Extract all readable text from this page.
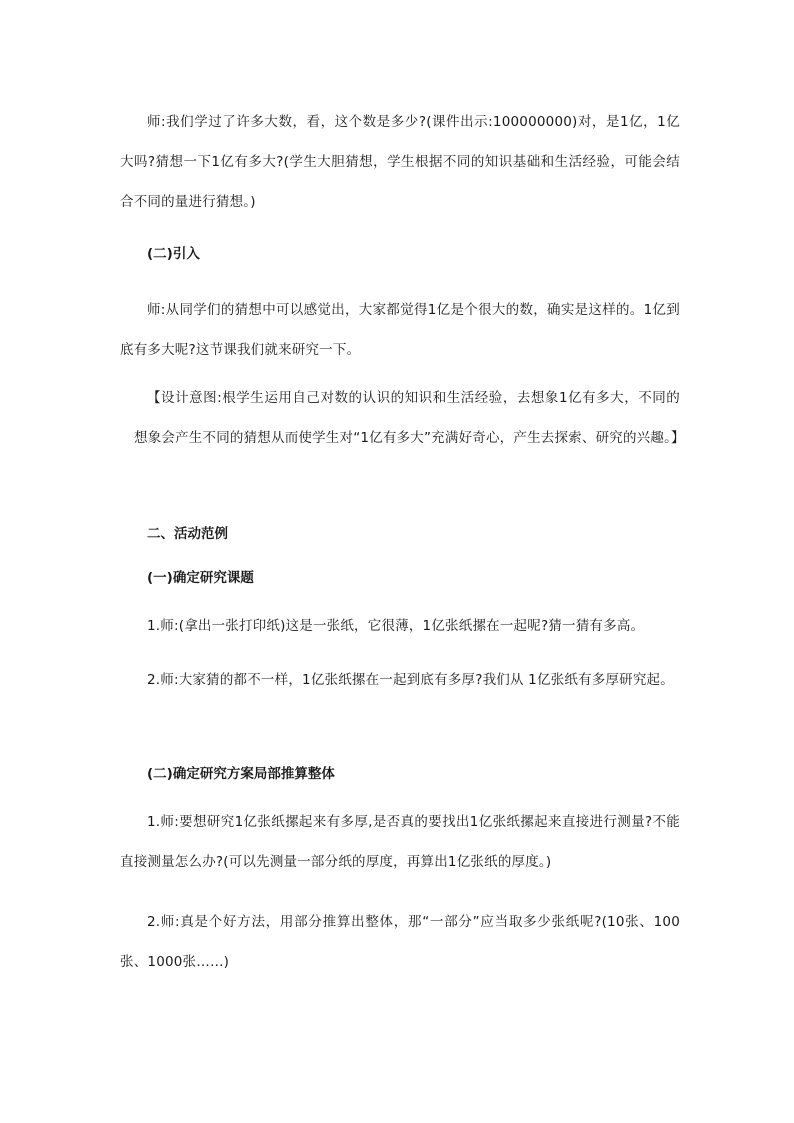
师:我们学过了许多大数，看，这个数是多少?(课件出示:100000000)对，是1亿，1亿大吗?猜想一下1亿有多大?(学生大胆猜想，学生根据不同的知识基础和生活经验，可能会结合不同的量进行猜想。)

(二)引入

师:从同学们的猜想中可以感觉出，大家都觉得1亿是个很大的数，确实是这样的。1亿到底有多大呢?这节课我们就来研究一下。

【设计意图:根学生运用自己对数的认识的知识和生活经验，去想象1亿有多大，不同的想象会产生不同的猜想从而使学生对“1亿有多大”充满好奇心，产生去探索、研究的兴趣。】

二、活动范例

(一)确定研究课题

1.师:(拿出一张打印纸)这是一张纸，它很薄，1亿张纸摞在一起呢?猜一猜有多高。

2.师:大家猜的都不一样，1亿张纸摞在一起到底有多厚?我们从 1亿张纸有多厚研究起。

(二)确定研究方案局部推算整体

1.师:要想研究1亿张纸摞起来有多厚,是否真的要找出1亿张纸摞起来直接进行测量?不能直接测量怎么办?(可以先测量一部分纸的厚度，再算出1亿张纸的厚度。)

2.师:真是个好方法，用部分推算出整体，那“一部分”应当取多少张纸呢?(10张、100张、1000张……)
